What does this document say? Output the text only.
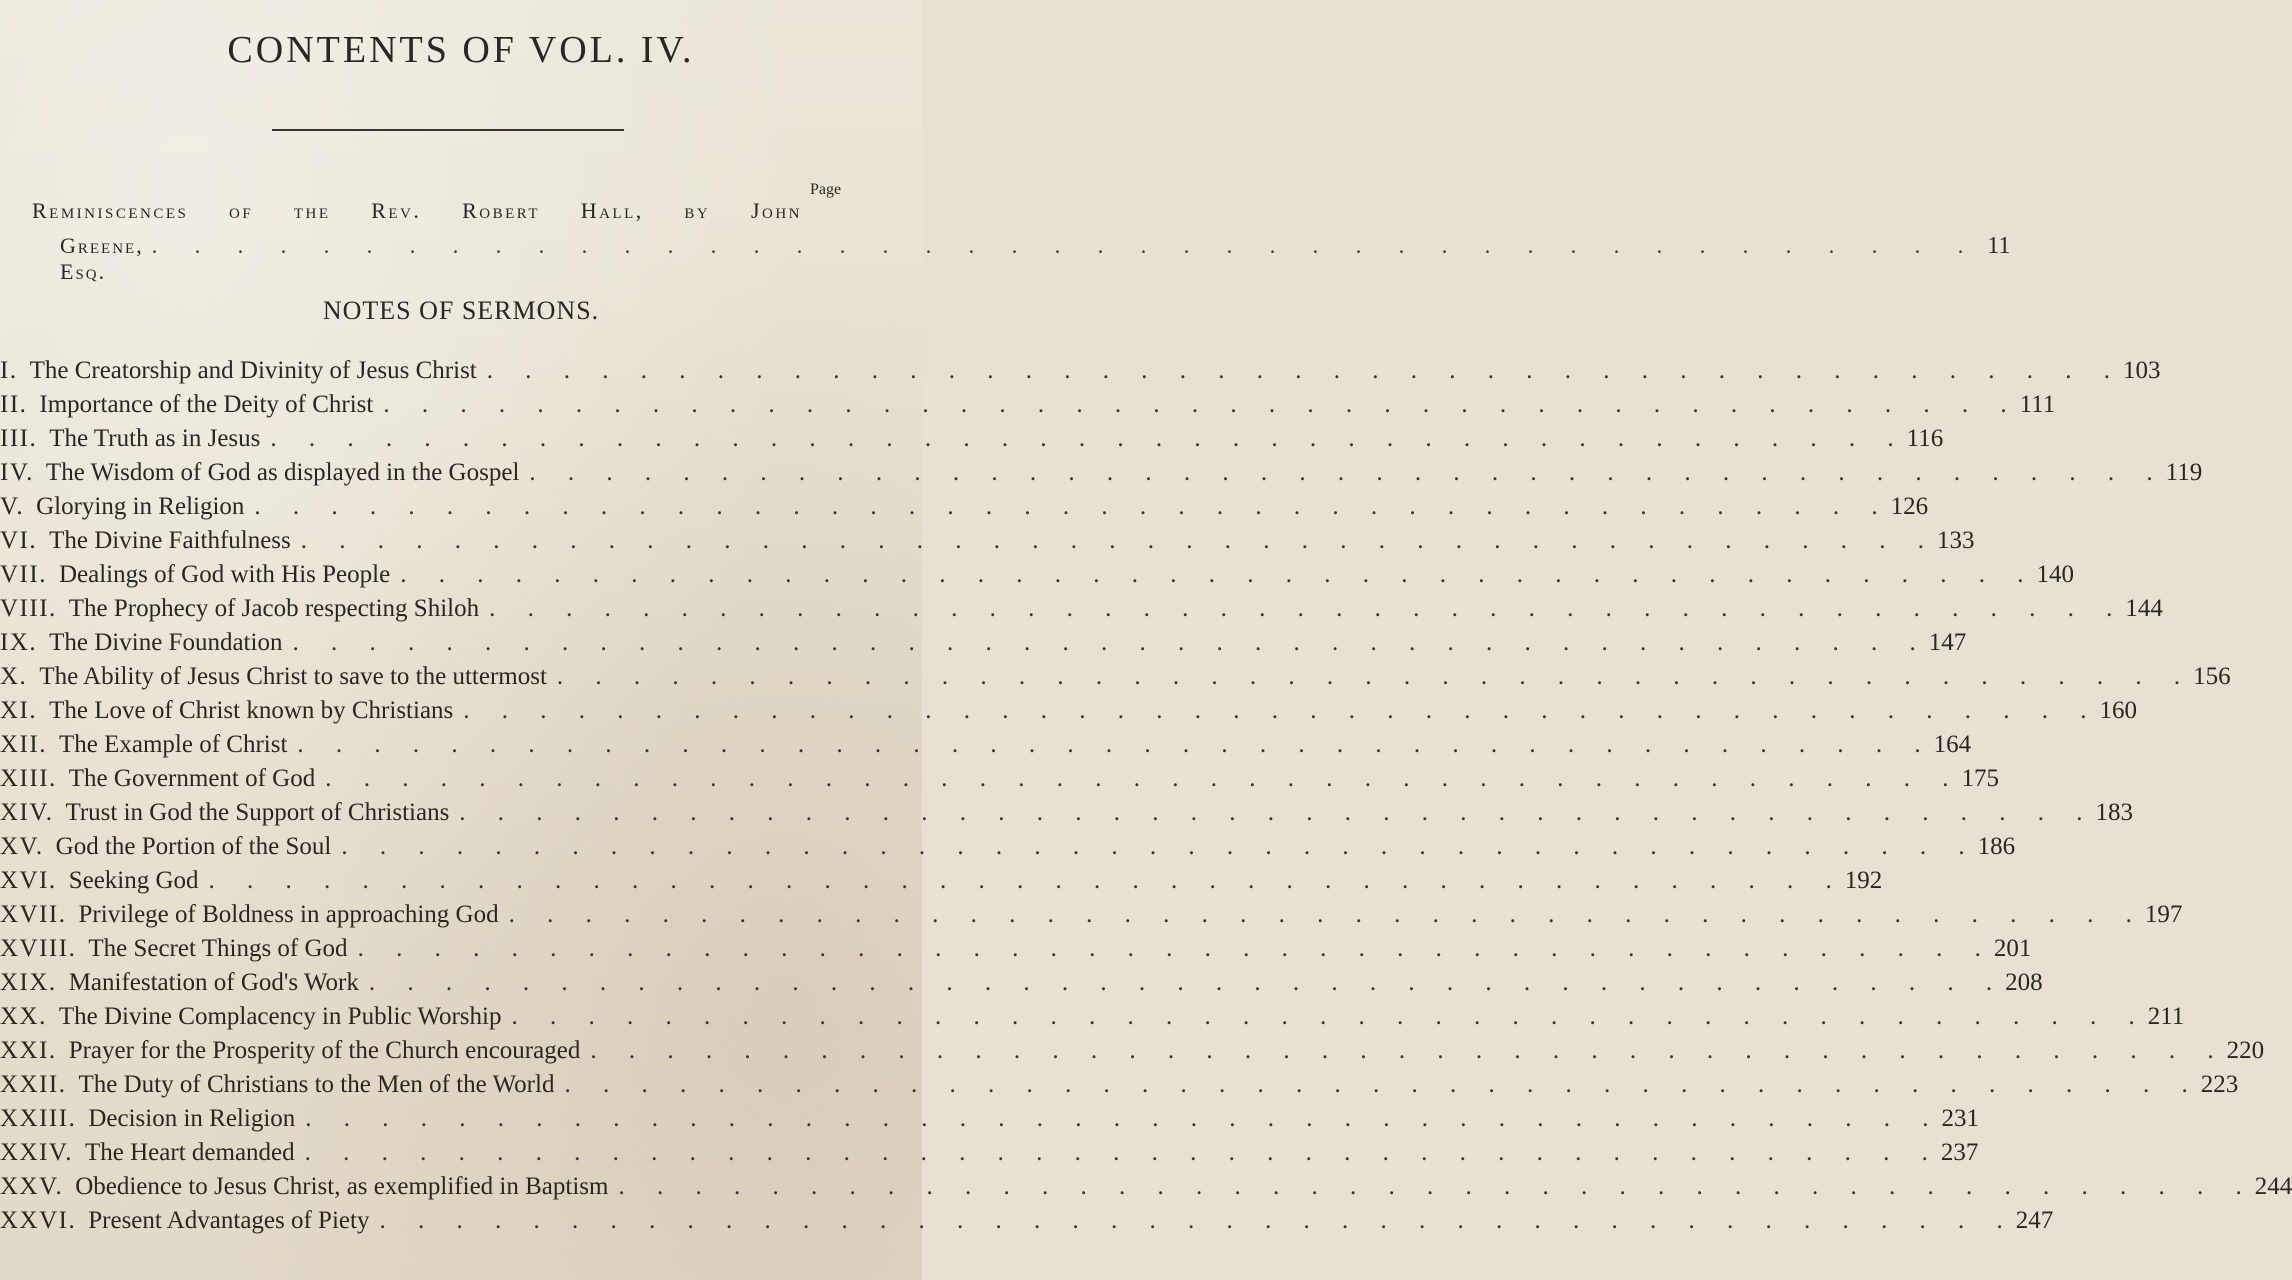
CONTENTS OF VOL. IV.
Page
Reminiscences of the Rev. Robert Hall, by John
Greene, Esq.
. . . . . . . . . . . . . . . . . . . . . . . . . . . . . . . . . . . . . . . . . . . 11
NOTES OF SERMONS.
I. The Creatorship and Divinity of Jesus Christ . . . . . . . . . . . . . . . . . . . . . . . . . . . . . . . . . . . . . . . . . . . 103
II. Importance of the Deity of Christ . . . . . . . . . . . . . . . . . . . . . . . . . . . . . . . . . . . . . . . . . . . 111
III. The Truth as in Jesus . . . . . . . . . . . . . . . . . . . . . . . . . . . . . . . . . . . . . . . . . . . 116
IV. The Wisdom of God as displayed in the Gospel . . . . . . . . . . . . . . . . . . . . . . . . . . . . . . . . . . . . . . . . . . . 119
V. Glorying in Religion . . . . . . . . . . . . . . . . . . . . . . . . . . . . . . . . . . . . . . . . . . . 126
VI. The Divine Faithfulness . . . . . . . . . . . . . . . . . . . . . . . . . . . . . . . . . . . . . . . . . . . 133
VII. Dealings of God with His People . . . . . . . . . . . . . . . . . . . . . . . . . . . . . . . . . . . . . . . . . . . 140
VIII. The Prophecy of Jacob respecting Shiloh . . . . . . . . . . . . . . . . . . . . . . . . . . . . . . . . . . . . . . . . . . . 144
IX. The Divine Foundation . . . . . . . . . . . . . . . . . . . . . . . . . . . . . . . . . . . . . . . . . . . 147
X. The Ability of Jesus Christ to save to the uttermost . . . . . . . . . . . . . . . . . . . . . . . . . . . . . . . . . . . . . . . . . . . 156
XI. The Love of Christ known by Christians . . . . . . . . . . . . . . . . . . . . . . . . . . . . . . . . . . . . . . . . . . . 160
XII. The Example of Christ . . . . . . . . . . . . . . . . . . . . . . . . . . . . . . . . . . . . . . . . . . . 164
XIII. The Government of God . . . . . . . . . . . . . . . . . . . . . . . . . . . . . . . . . . . . . . . . . . . 175
XIV. Trust in God the Support of Christians . . . . . . . . . . . . . . . . . . . . . . . . . . . . . . . . . . . . . . . . . . . 183
XV. God the Portion of the Soul . . . . . . . . . . . . . . . . . . . . . . . . . . . . . . . . . . . . . . . . . . . 186
XVI. Seeking God . . . . . . . . . . . . . . . . . . . . . . . . . . . . . . . . . . . . . . . . . . . 192
XVII. Privilege of Boldness in approaching God . . . . . . . . . . . . . . . . . . . . . . . . . . . . . . . . . . . . . . . . . . . 197
XVIII. The Secret Things of God . . . . . . . . . . . . . . . . . . . . . . . . . . . . . . . . . . . . . . . . . . . 201
XIX. Manifestation of God's Work . . . . . . . . . . . . . . . . . . . . . . . . . . . . . . . . . . . . . . . . . . . 208
XX. The Divine Complacency in Public Worship . . . . . . . . . . . . . . . . . . . . . . . . . . . . . . . . . . . . . . . . . . . 211
XXI. Prayer for the Prosperity of the Church encouraged . . . . . . . . . . . . . . . . . . . . . . . . . . . . . . . . . . . . . . . . . . . 220
XXII. The Duty of Christians to the Men of the World . . . . . . . . . . . . . . . . . . . . . . . . . . . . . . . . . . . . . . . . . . . 223
XXIII. Decision in Religion . . . . . . . . . . . . . . . . . . . . . . . . . . . . . . . . . . . . . . . . . . . 231
XXIV. The Heart demanded . . . . . . . . . . . . . . . . . . . . . . . . . . . . . . . . . . . . . . . . . . . 237
XXV. Obedience to Jesus Christ, as exemplified in Baptism . . . . . . . . . . . . . . . . . . . . . . . . . . . . . . . . . . . . . . . . . . . 244
XXVI. Present Advantages of Piety . . . . . . . . . . . . . . . . . . . . . . . . . . . . . . . . . . . . . . . . . . . 247
